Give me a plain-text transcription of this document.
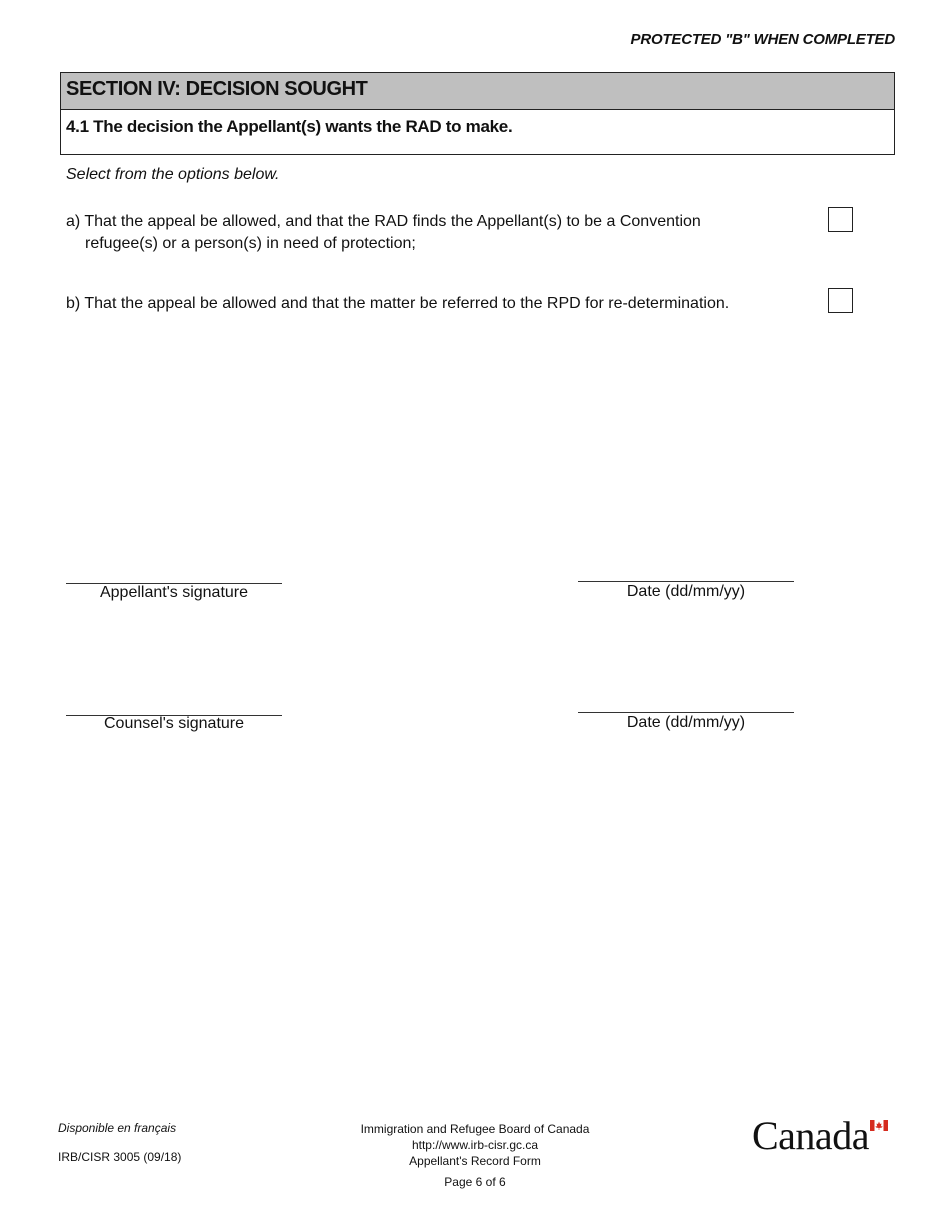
PROTECTED "B" WHEN COMPLETED
SECTION IV: DECISION SOUGHT
4.1 The decision the Appellant(s) wants the RAD to make.
Select from the options below.
a) That the appeal be allowed, and that the RAD finds the Appellant(s) to be a Convention
refugee(s) or a person(s) in need of protection;
b) That the appeal be allowed and that the matter be referred to the RPD for re-determination.
Appellant's signature	Date (dd/mm/yy)
Counsel's signature	Date (dd/mm/yy)
Disponible en français
IRB/CISR 3005 (09/18)
Immigration and Refugee Board of Canada
http://www.irb-cisr.gc.ca
Appellant's Record Form
Page 6 of 6
Canada
